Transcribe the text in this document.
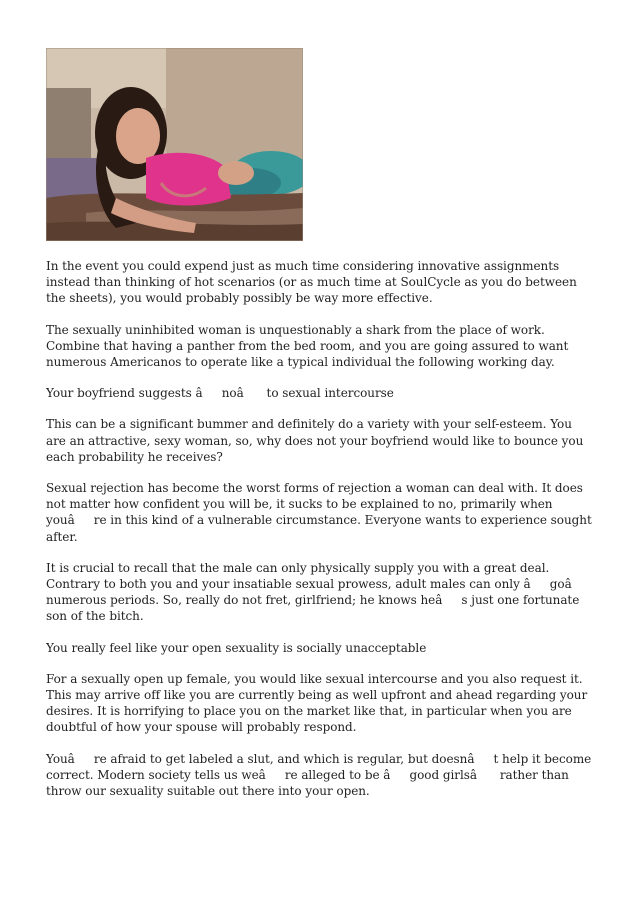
In the event you could expend just as much time considering innovative assignments instead than thinking of hot scenarios (or as much time at SoulCycle as you do between the sheets), you would probably possibly be way more effective.

The sexually uninhibited woman is unquestionably a shark from the place of work. Combine that having a panther from the bed room, and you are going assured to want numerous Americanos to operate like a typical individual the following working day.

Your boyfriend suggests ânoâ to sexual intercourse

This can be a significant bummer and definitely do a variety with your self-esteem. You are an attractive, sexy woman, so, why does not your boyfriend would like to bounce you each probability he receives?

Sexual rejection has become the worst forms of rejection a woman can deal with. It does not matter how confident you will be, it sucks to be explained to no, primarily when youâre in this kind of a vulnerable circumstance. Everyone wants to experience sought after.

It is crucial to recall that the male can only physically supply you with a great deal. Contrary to both you and your insatiable sexual prowess, adult males can only âgoâ numerous periods. So, really do not fret, girlfriend; he knows heâs just one fortunate son of the bitch.

You really feel like your open sexuality is socially unacceptable

For a sexually open up female, you would like sexual intercourse and you also request it. This may arrive off like you are currently being as well upfront and ahead regarding your desires. It is horrifying to place you on the market like that, in particular when you are doubtful of how your spouse will probably respond.

Youâre afraid to get labeled a slut, and which is regular, but doesnât help it become correct. Modern society tells us weâre alleged to be âgood girlsâ rather than throw our sexuality suitable out there into your open.
